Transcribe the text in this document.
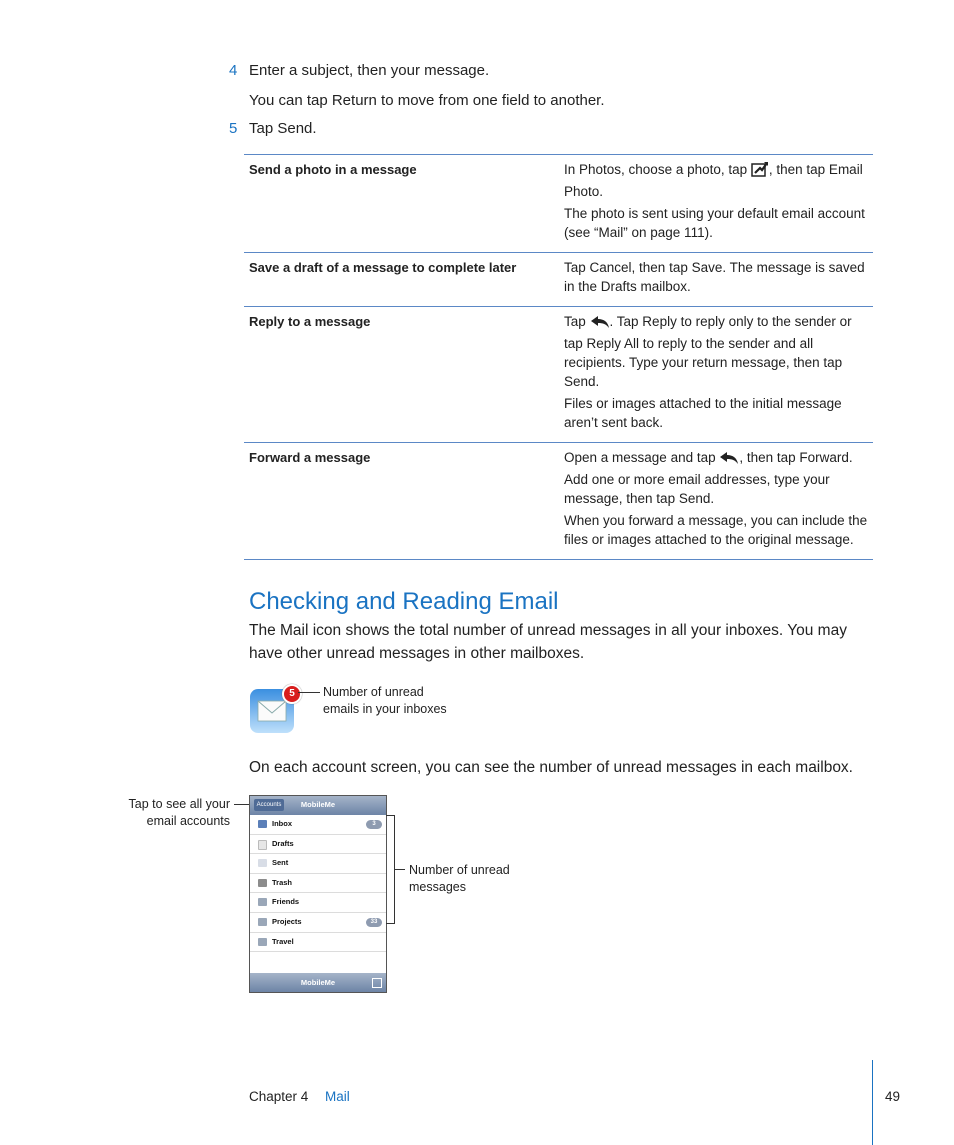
4 Enter a subject, then your message.
You can tap Return to move from one field to another.
5 Tap Send.
Send a photo in a message	In Photos, choose a photo, tap , then tap Email Photo.

The photo is sent using your default email account (see “Mail” on page 111).

Save a draft of a message to complete later	Tap Cancel, then tap Save. The message is saved in the Drafts mailbox.

Reply to a message	Tap . Tap Reply to reply only to the sender or tap Reply All to reply to the sender and all recipients. Type your return message, then tap Send.

Files or images attached to the initial message aren’t sent back.

Forward a message	Open a message and tap , then tap Forward. Add one or more email addresses, type your message, then tap Send.

When you forward a message, you can include the files or images attached to the original message.

Checking and Reading Email
The Mail icon shows the total number of unread messages in all your inboxes. You may have other unread messages in other mailboxes.
5	Number of unread
emails in your inboxes
On each account screen, you can see the number of unread messages in each mailbox.
Tap to see all your
email accounts
Accounts	MobileMe
Inbox	3
Drafts
Sent
Trash
Friends
Projects	33
Travel
MobileMe
Number of unread
messages
Chapter 4 Mail	49
